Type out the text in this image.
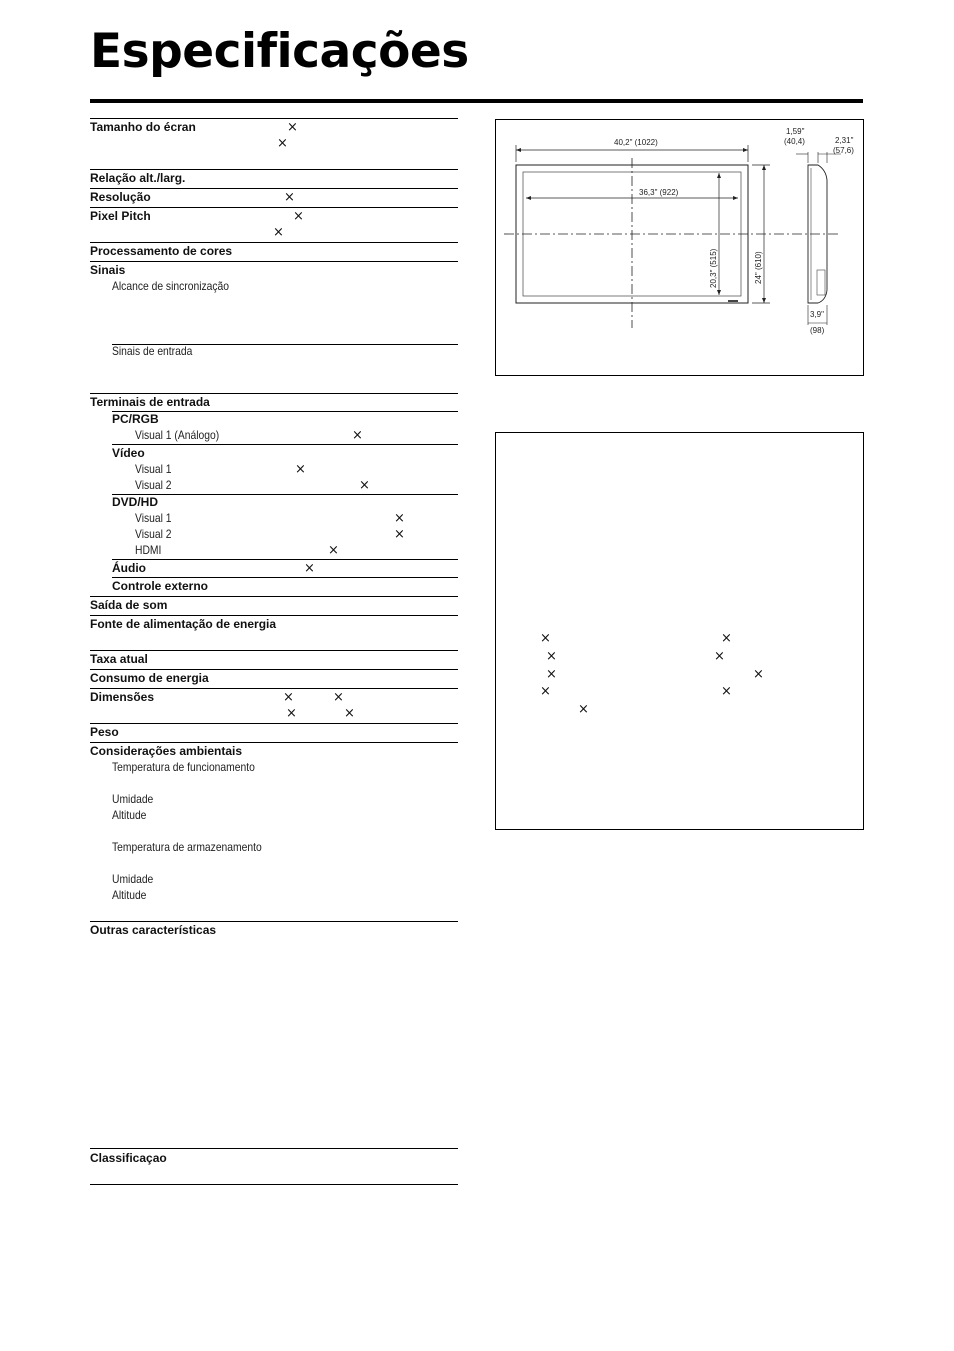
Especificações
Tamanho do écran	×
×
Relação alt./larg.
Resolução	×
Pixel Pitch	×
×
Processamento de cores
Sinais
Alcance de sincronização
Sinais de entrada
Terminais de entrada
PC/RGB
Visual 1 (Análogo)	×
Vídeo
Visual 1	×
Visual 2	×
DVD/HD
Visual 1	×
Visual 2	×
HDMI	×
Áudio	×
Controle externo
Saída de som
Fonte de alimentação de energia
Taxa atual
Consumo de energia
Dimensões	×	×
×	×
Peso
Considerações ambientais
Temperatura de funcionamento
Umidade
Altitude
Temperatura de armazenamento
Umidade
Altitude
Outras características
Classificaçao
40,2" (1022)
36,3" (922)
20,3" (515)	24" (610)
1,59"
(40,4)	2,31"
(57,6)
3,9"
(98)
×	×
×	×
×	×
×	×
×
